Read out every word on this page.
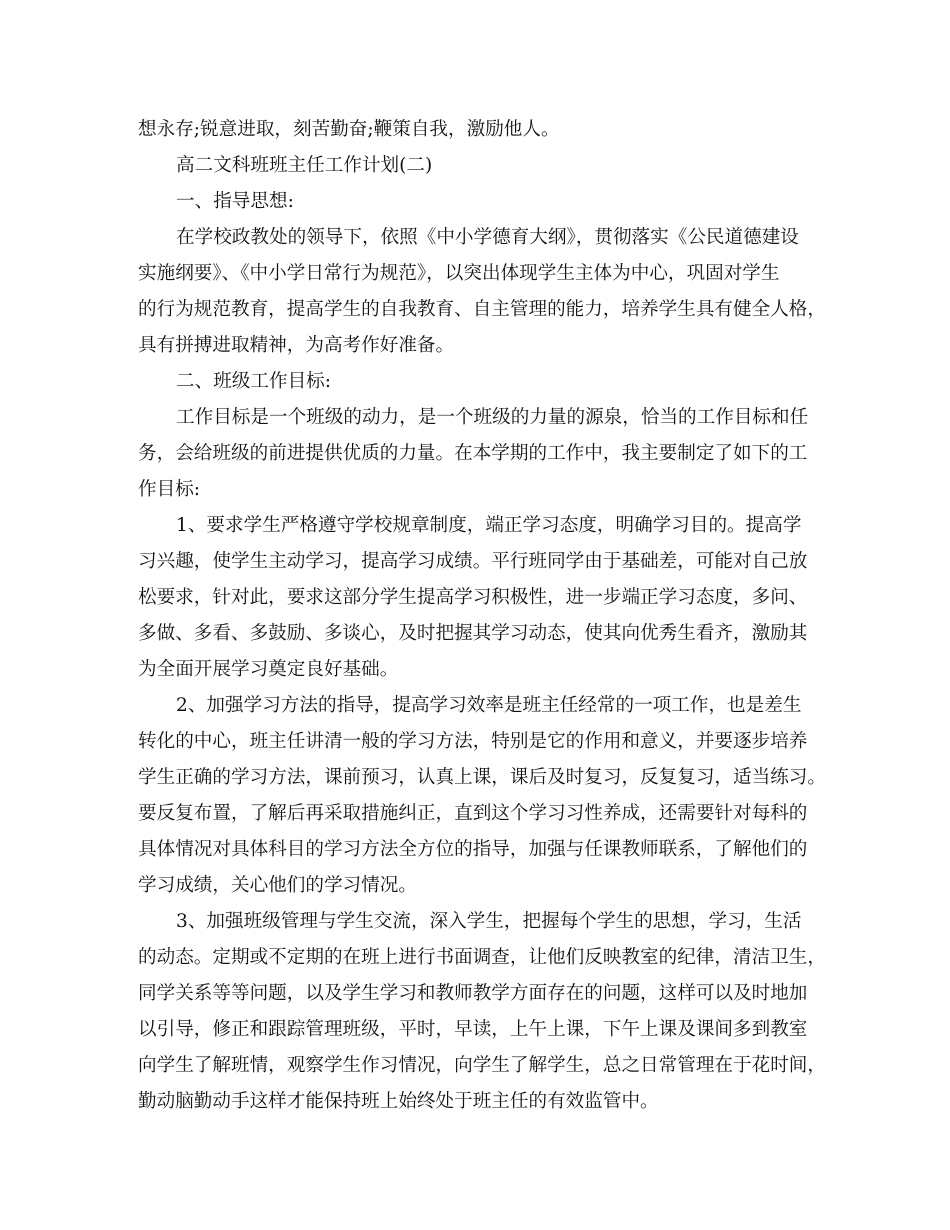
想永存;锐意进取，刻苦勤奋;鞭策自我，激励他人。
高二文科班班主任工作计划(二)
一、指导思想:
在学校政教处的领导下，依照《中小学德育大纲》，贯彻落实《公民道德建设
实施纲要》、《中小学日常行为规范》，以突出体现学生主体为中心，巩固对学生
的行为规范教育，提高学生的自我教育、自主管理的能力，培养学生具有健全人格，
具有拼搏进取精神，为高考作好准备。
二、班级工作目标:
工作目标是一个班级的动力，是一个班级的力量的源泉，恰当的工作目标和任
务，会给班级的前进提供优质的力量。在本学期的工作中，我主要制定了如下的工
作目标:
1、要求学生严格遵守学校规章制度，端正学习态度，明确学习目的。提高学
习兴趣，使学生主动学习，提高学习成绩。平行班同学由于基础差，可能对自己放
松要求，针对此，要求这部分学生提高学习积极性，进一步端正学习态度，多问、
多做、多看、多鼓励、多谈心，及时把握其学习动态，使其向优秀生看齐，激励其
为全面开展学习奠定良好基础。
2、加强学习方法的指导，提高学习效率是班主任经常的一项工作，也是差生
转化的中心，班主任讲清一般的学习方法，特别是它的作用和意义，并要逐步培养
学生正确的学习方法，课前预习，认真上课，课后及时复习，反复复习，适当练习。
要反复布置，了解后再采取措施纠正，直到这个学习习性养成，还需要针对每科的
具体情况对具体科目的学习方法全方位的指导，加强与任课教师联系，了解他们的
学习成绩，关心他们的学习情况。
3、加强班级管理与学生交流，深入学生，把握每个学生的思想，学习，生活
的动态。定期或不定期的在班上进行书面调查，让他们反映教室的纪律，清洁卫生，
同学关系等等问题，以及学生学习和教师教学方面存在的问题，这样可以及时地加
以引导，修正和跟踪管理班级，平时，早读，上午上课，下午上课及课间多到教室
向学生了解班情，观察学生作习情况，向学生了解学生，总之日常管理在于花时间，
勤动脑勤动手这样才能保持班上始终处于班主任的有效监管中。
